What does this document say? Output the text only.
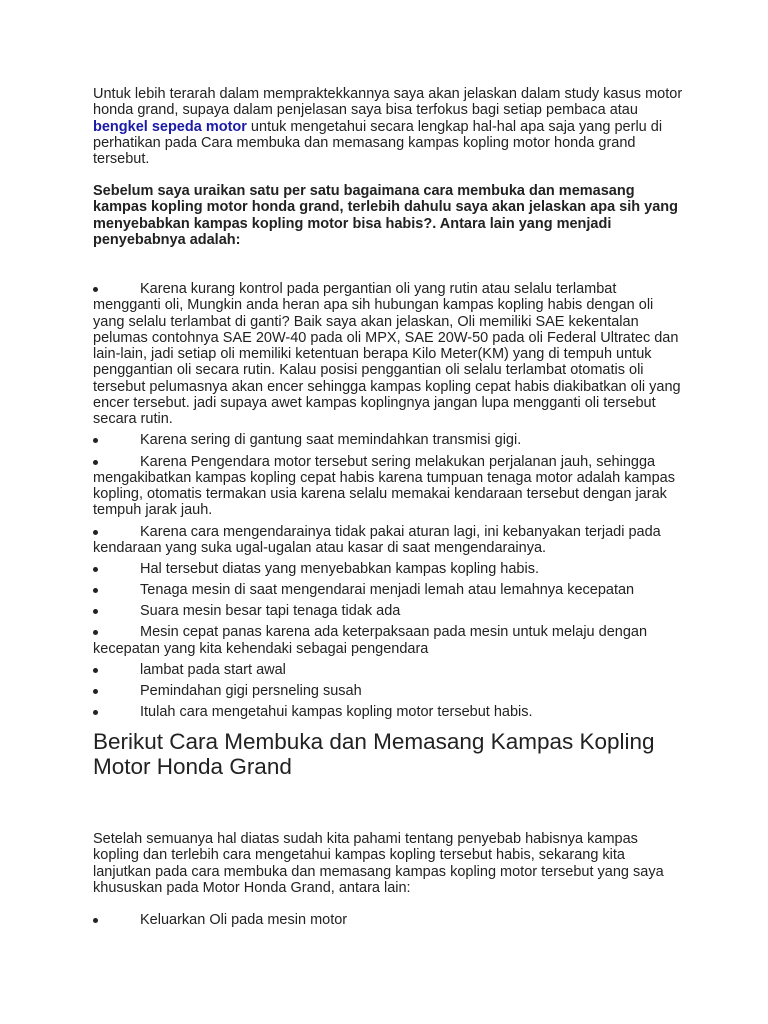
Untuk lebih terarah dalam mempraktekkannya saya akan jelaskan dalam study kasus motor honda grand, supaya dalam penjelasan saya bisa terfokus bagi setiap pembaca atau bengkel sepeda motor untuk mengetahui secara lengkap hal-hal apa saja yang perlu di perhatikan pada Cara membuka dan memasang kampas kopling motor honda grand tersebut.

Sebelum saya uraikan satu per satu bagaimana cara membuka dan memasang kampas kopling motor honda grand, terlebih dahulu saya akan jelaskan apa sih yang menyebabkan kampas kopling motor bisa habis?. Antara lain yang menjadi penyebabnya adalah:

Karena kurang kontrol pada pergantian oli yang rutin atau selalu terlambat mengganti oli, Mungkin anda heran apa sih hubungan kampas kopling habis dengan oli yang selalu terlambat di ganti? Baik saya akan jelaskan, Oli memiliki SAE kekentalan pelumas contohnya SAE 20W-40 pada oli MPX, SAE 20W-50 pada oli Federal Ultratec dan lain-lain, jadi setiap oli memiliki ketentuan berapa Kilo Meter(KM) yang di tempuh untuk penggantian oli secara rutin. Kalau posisi penggantian oli selalu terlambat otomatis oli tersebut pelumasnya akan encer sehingga kampas kopling cepat habis diakibatkan oli yang encer tersebut. jadi supaya awet kampas koplingnya jangan lupa mengganti oli tersebut secara rutin.
Karena sering di gantung saat memindahkan transmisi gigi.
Karena Pengendara motor tersebut sering melakukan perjalanan jauh, sehingga mengakibatkan kampas kopling cepat habis karena tumpuan tenaga motor adalah kampas kopling, otomatis termakan usia karena selalu memakai kendaraan tersebut dengan jarak tempuh jarak jauh.
Karena cara mengendarainya tidak pakai aturan lagi, ini kebanyakan terjadi pada kendaraan yang suka ugal-ugalan atau kasar di saat mengendarainya.
Hal tersebut diatas yang menyebabkan kampas kopling habis.
Tenaga mesin di saat mengendarai menjadi lemah atau lemahnya kecepatan
Suara mesin besar tapi tenaga tidak ada
Mesin cepat panas karena ada keterpaksaan pada mesin untuk melaju dengan kecepatan yang kita kehendaki sebagai pengendara
lambat pada start awal
Pemindahan gigi persneling susah
Itulah cara mengetahui kampas kopling motor tersebut habis.
Berikut Cara Membuka dan Memasang Kampas Kopling Motor Honda Grand

Setelah semuanya hal diatas sudah kita pahami tentang penyebab habisnya kampas kopling dan terlebih cara mengetahui kampas kopling tersebut habis, sekarang kita lanjutkan pada cara membuka dan memasang kampas kopling motor tersebut yang saya khususkan pada Motor Honda Grand, antara lain:

Keluarkan Oli pada mesin motor
